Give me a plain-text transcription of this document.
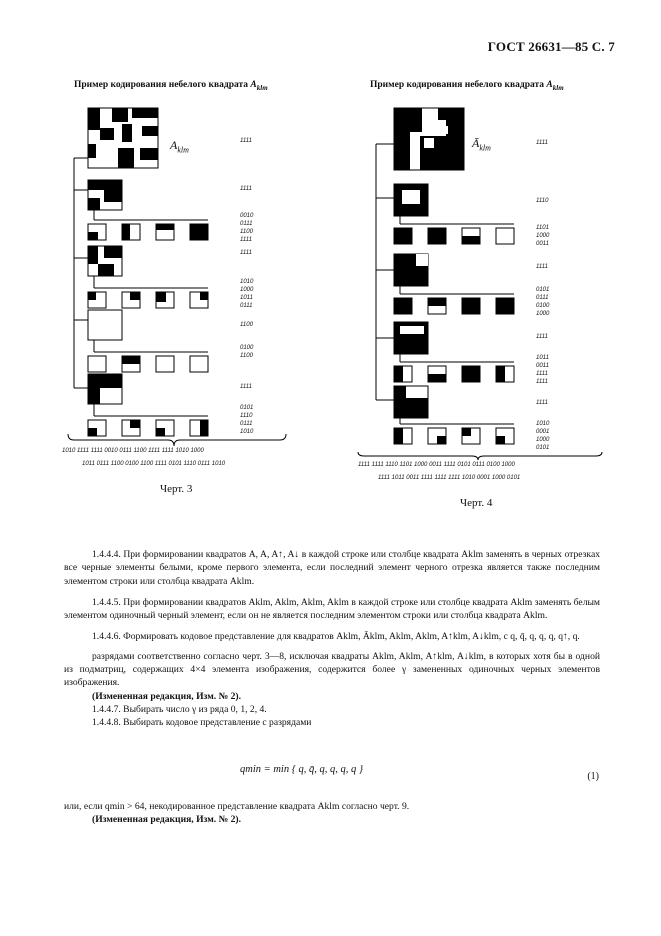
ГОСТ 26631—85 С. 7
Пример кодирования небелого квадрата $A_{klm}$	Пример кодирования небелого квадрата $A_{klm}$
$A_{klm}$
1111
1111
0010
0111
1100
1111
1111
1010
1000
1011
0111
1100
0100
1100
1111
0101
1110
0111
1010
1010 1111 1111 0010 0111 1100 1111 1111 1010 1000
1011 0111 1100 0100 1100 1111 0101 1110 0111 1010
Черт. 3
$Ā_{klm}$
1111
1110
1101
1000
0011
1111
0101
0111
0100
1000
1111
1011
0011
1111
1111
1111
1010
0001
1000
0101
1111 1111 1110 1101 1000 0011 1111 0101 0111 0100 1000
1111 1011 0011 1111 1111 1111 1010 0001 1000 0101
Черт. 4

1.4.4.4. При формировании квадратов A, A, A↑, A↓ в каждой строке или столбце квадрата Aklm заменять в черных отрезках все черные элементы белыми, кроме первого элемента, если последний элемент черного отрезка является также последним элементом строки или столбца квадрата Aklm.

1.4.4.5. При формировании квадратов Aklm, Aklm, Aklm, Aklm в каждой строке или столбце квадрата Aklm заменять белым элементом одиночный черный элемент, если он не является последним элементом строки или столбца квадрата Aklm.

1.4.4.6. Формировать кодовое представление для квадратов Aklm, Āklm, Aklm, Aklm, A↑klm, A↓klm, с q, q̄, q, q, q, q↑, q.

разрядами соответственно согласно черт. 3—8, исключая квадраты Aklm, Aklm, A↑klm, A↓klm, в которых хотя бы в одной из подматриц, содержащих 4×4 элемента изображения, содержится более γ замененных одиночных черных элементов изображения.

(Измененная редакция, Изм. № 2).

1.4.4.7. Выбирать число γ из ряда 0, 1, 2, 4.

1.4.4.8. Выбирать кодовое представление с разрядами

qmin = min { q, q̄, q, q, q, q }
(1)

или, если qmin > 64, некодированное представление квадрата Aklm согласно черт. 9.

(Измененная редакция, Изм. № 2).
